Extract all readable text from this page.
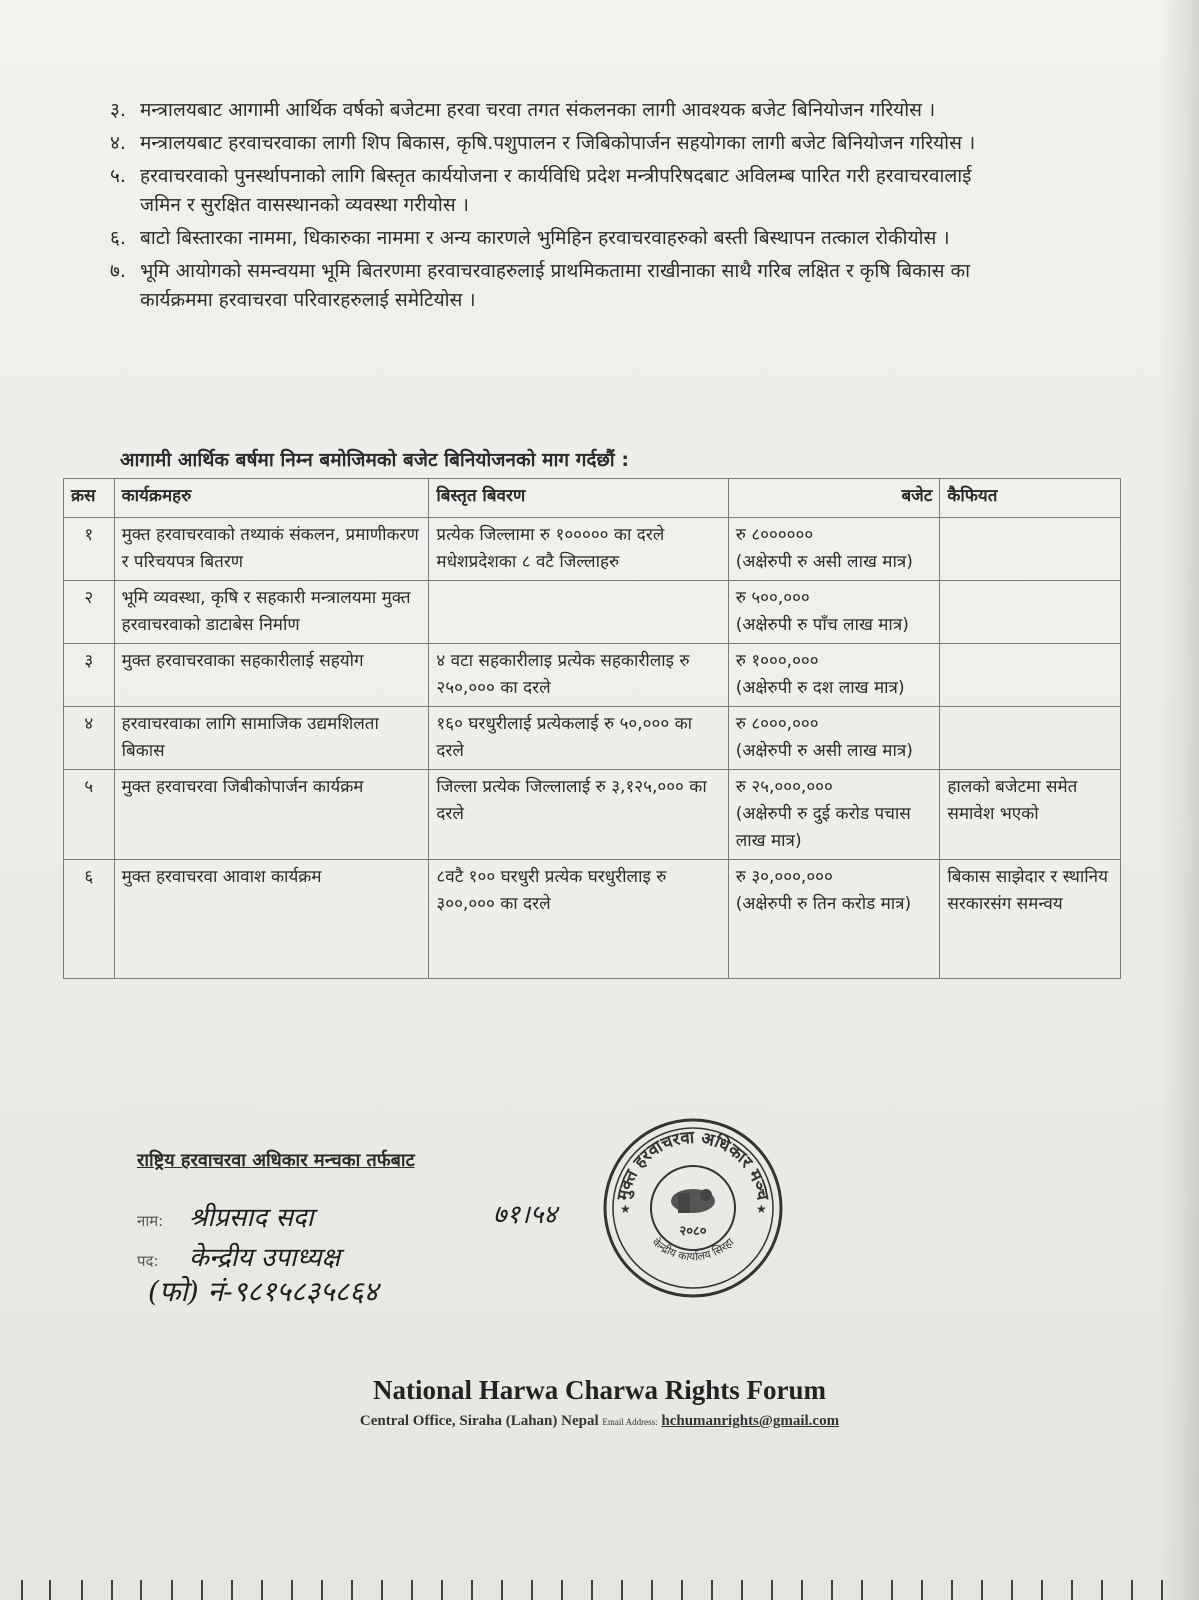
३. मन्त्रालयबाट आगामी आर्थिक वर्षको बजेटमा हरवा चरवा तगत संकलनका लागी आवश्यक बजेट बिनियोजन गरियोस ।
४. मन्त्रालयबाट हरवाचरवाका लागी शिप बिकास, कृषि.पशुपालन र जिबिकोपार्जन सहयोगका लागी बजेट बिनियोजन गरियोस ।
५. हरवाचरवाको पुनर्स्थापनाको लागि बिस्तृत कार्ययोजना र कार्यविधि प्रदेश मन्त्रीपरिषदबाट अविलम्ब पारित गरी हरवाचरवालाई जमिन र सुरक्षित वासस्थानको व्यवस्था गरीयोस ।
६. बाटो बिस्तारका नाममा, धिकारुका नाममा र अन्य कारणले भुमिहिन हरवाचरवाहरुको बस्ती बिस्थापन तत्काल रोकीयोस ।
७. भूमि आयोगको समन्वयमा भूमि बितरणमा हरवाचरवाहरुलाई प्राथमिकतामा राखीनाका साथै गरिब लक्षित र कृषि बिकास का कार्यक्रममा हरवाचरवा परिवारहरुलाई समेटियोस ।
आगामी आर्थिक बर्षमा निम्न बमोजिमको बजेट बिनियोजनको माग गर्दछौं :
क्रस	कार्यक्रमहरु	बिस्तृत बिवरण	बजेट	कैफियत
१	मुक्त हरवाचरवाको तथ्याकं संकलन, प्रमाणीकरण र परिचयपत्र बितरण	प्रत्येक जिल्लामा रु १००००० का दरले मधेशप्रदेशका ८ वटै जिल्लाहरु	रु ८००००००
(अक्षेरुपी रु असी लाख मात्र)	

२	भूमि व्यवस्था, कृषि र सहकारी मन्त्रालयमा मुक्त हरवाचरवाको डाटाबेस निर्माण		रु ५००,०००
(अक्षेरुपी रु पाँच लाख मात्र)	

३	मुक्त हरवाचरवाका सहकारीलाई सहयोग	४ वटा सहकारीलाइ प्रत्येक सहकारीलाइ रु २५०,००० का दरले	रु १०००,०००
(अक्षेरुपी रु दश लाख मात्र)	

४	हरवाचरवाका लागि सामाजिक उद्यमशिलता बिकास	१६० घरधुरीलाई प्रत्येकलाई रु ५०,००० का दरले	रु ८०००,०००
(अक्षेरुपी रु असी लाख मात्र)	

५	मुक्त हरवाचरवा जिबीकोपार्जन कार्यक्रम	जिल्ला प्रत्येक जिल्लालाई रु ३,१२५,००० का दरले	रु २५,०००,०००
(अक्षेरुपी रु दुई करोड पचास लाख मात्र)	हालको बजेटमा समेत समावेश भएको
६	मुक्त हरवाचरवा आवाश कार्यक्रम	८वटै १०० घरधुरी प्रत्येक घरधुरीलाइ रु ३००,००० का दरले	रु ३०,०००,०००
(अक्षेरुपी रु तिन करोड मात्र)	बिकास साझेदार र स्थानिय सरकारसंग समन्वय
राष्ट्रिय हरवाचरवा अधिकार मन्चका तर्फबाट
नाम: श्रीप्रसाद सदा
पद:	केन्द्रीय उपाध्यक्ष
७१।५४
(फो) नं-९८१५८३५८६४
मुक्त हरवाचरवा अधिकार मञ्च
केन्द्रीय कार्यालय सिरहा
२०८०
★	★
National Harwa Charwa Rights Forum
Central Office, Siraha (Lahan) Nepal Email Address: hchumanrights@gmail.com
